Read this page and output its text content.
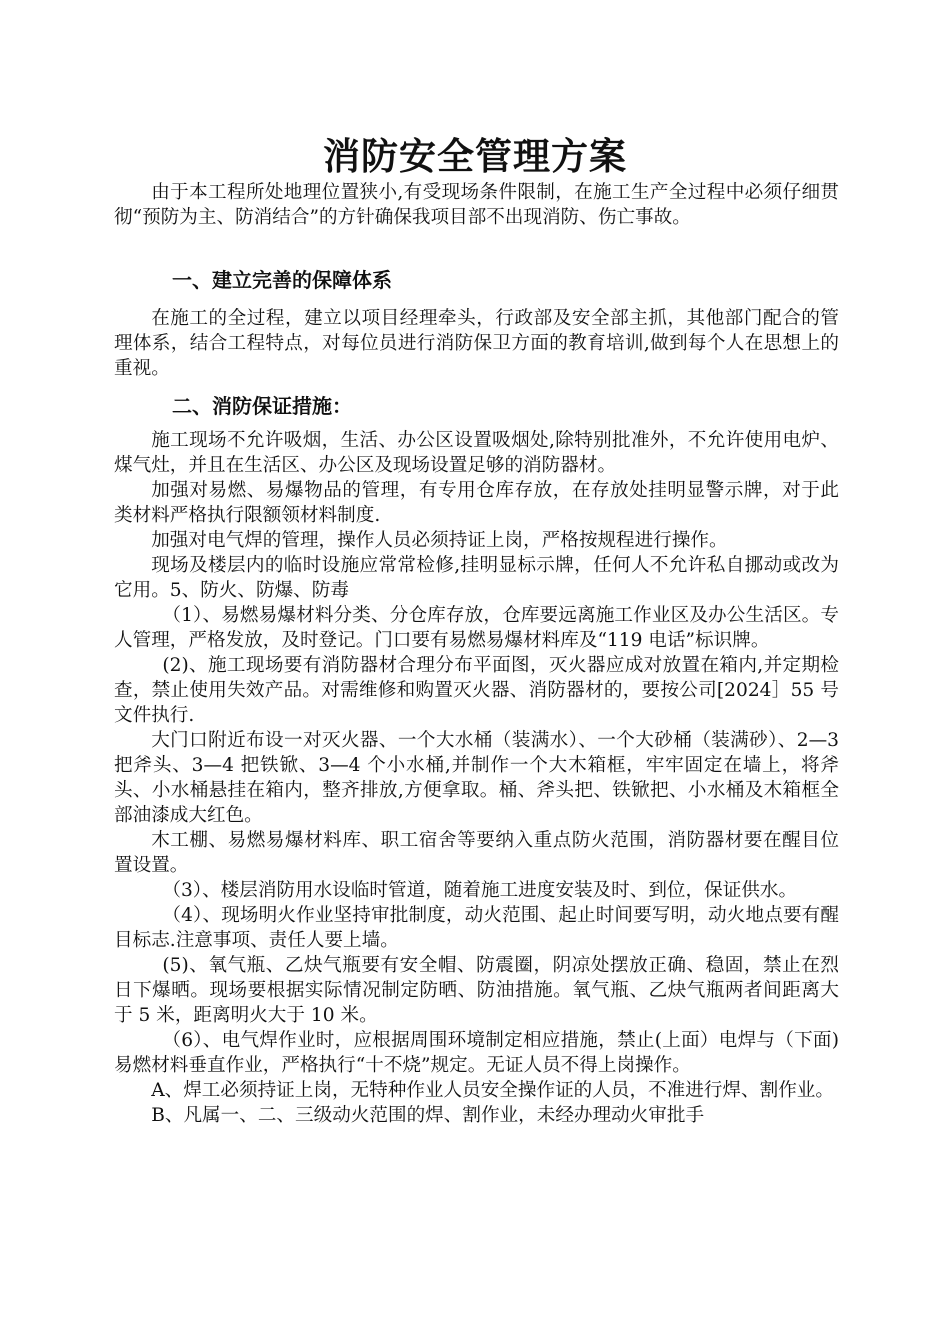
消防安全管理方案

由于本工程所处地理位置狭小,有受现场条件限制，在施工生产全过程中必须仔细贯彻“预防为主、防消结合”的方针确保我项目部不出现消防、伤亡事故。

一、建立完善的保障体系

在施工的全过程，建立以项目经理牵头，行政部及安全部主抓，其他部门配合的管理体系，结合工程特点，对每位员进行消防保卫方面的教育培训,做到每个人在思想上的重视。

二、消防保证措施：

施工现场不允许吸烟，生活、办公区设置吸烟处,除特别批准外，不允许使用电炉、煤气灶，并且在生活区、办公区及现场设置足够的消防器材。

加强对易燃、易爆物品的管理，有专用仓库存放，在存放处挂明显警示牌，对于此类材料严格执行限额领材料制度.

加强对电气焊的管理，操作人员必须持证上岗，严格按规程进行操作。

现场及楼层内的临时设施应常常检修,挂明显标示牌，任何人不允许私自挪动或改为它用。5、防火、防爆、防毒

（1）、易燃易爆材料分类、分仓库存放，仓库要远离施工作业区及办公生活区。专人管理，严格发放，及时登记。门口要有易燃易爆材料库及“119 电话”标识牌。

(2)、施工现场要有消防器材合理分布平面图，灭火器应成对放置在箱内,并定期检查，禁止使用失效产品。对需维修和购置灭火器、消防器材的，要按公司[2024］55 号文件执行.

大门口附近布设一对灭火器、一个大水桶（装满水）、一个大砂桶（装满砂）、2—3 把斧头、3—4 把铁锨、3—4 个小水桶,并制作一个大木箱框，牢牢固定在墙上，将斧头、小水桶悬挂在箱内，整齐排放,方便拿取。桶、斧头把、铁锨把、小水桶及木箱框全部油漆成大红色。

木工棚、易燃易爆材料库、职工宿舍等要纳入重点防火范围，消防器材要在醒目位置设置。

（3）、楼层消防用水设临时管道，随着施工进度安装及时、到位，保证供水。

（4）、现场明火作业坚持审批制度，动火范围、起止时间要写明，动火地点要有醒目标志.注意事项、责任人要上墙。

(5)、氧气瓶、乙炔气瓶要有安全帽、防震圈，阴凉处摆放正确、稳固，禁止在烈日下爆晒。现场要根据实际情况制定防晒、防油措施。氧气瓶、乙炔气瓶两者间距离大于 5 米，距离明火大于 10 米。

（6）、电气焊作业时，应根据周围环境制定相应措施，禁止(上面）电焊与（下面)易燃材料垂直作业，严格执行“十不烧”规定。无证人员不得上岗操作。

A、焊工必须持证上岗，无特种作业人员安全操作证的人员，不准进行焊、割作业。

B、凡属一、二、三级动火范围的焊、割作业，未经办理动火审批手
